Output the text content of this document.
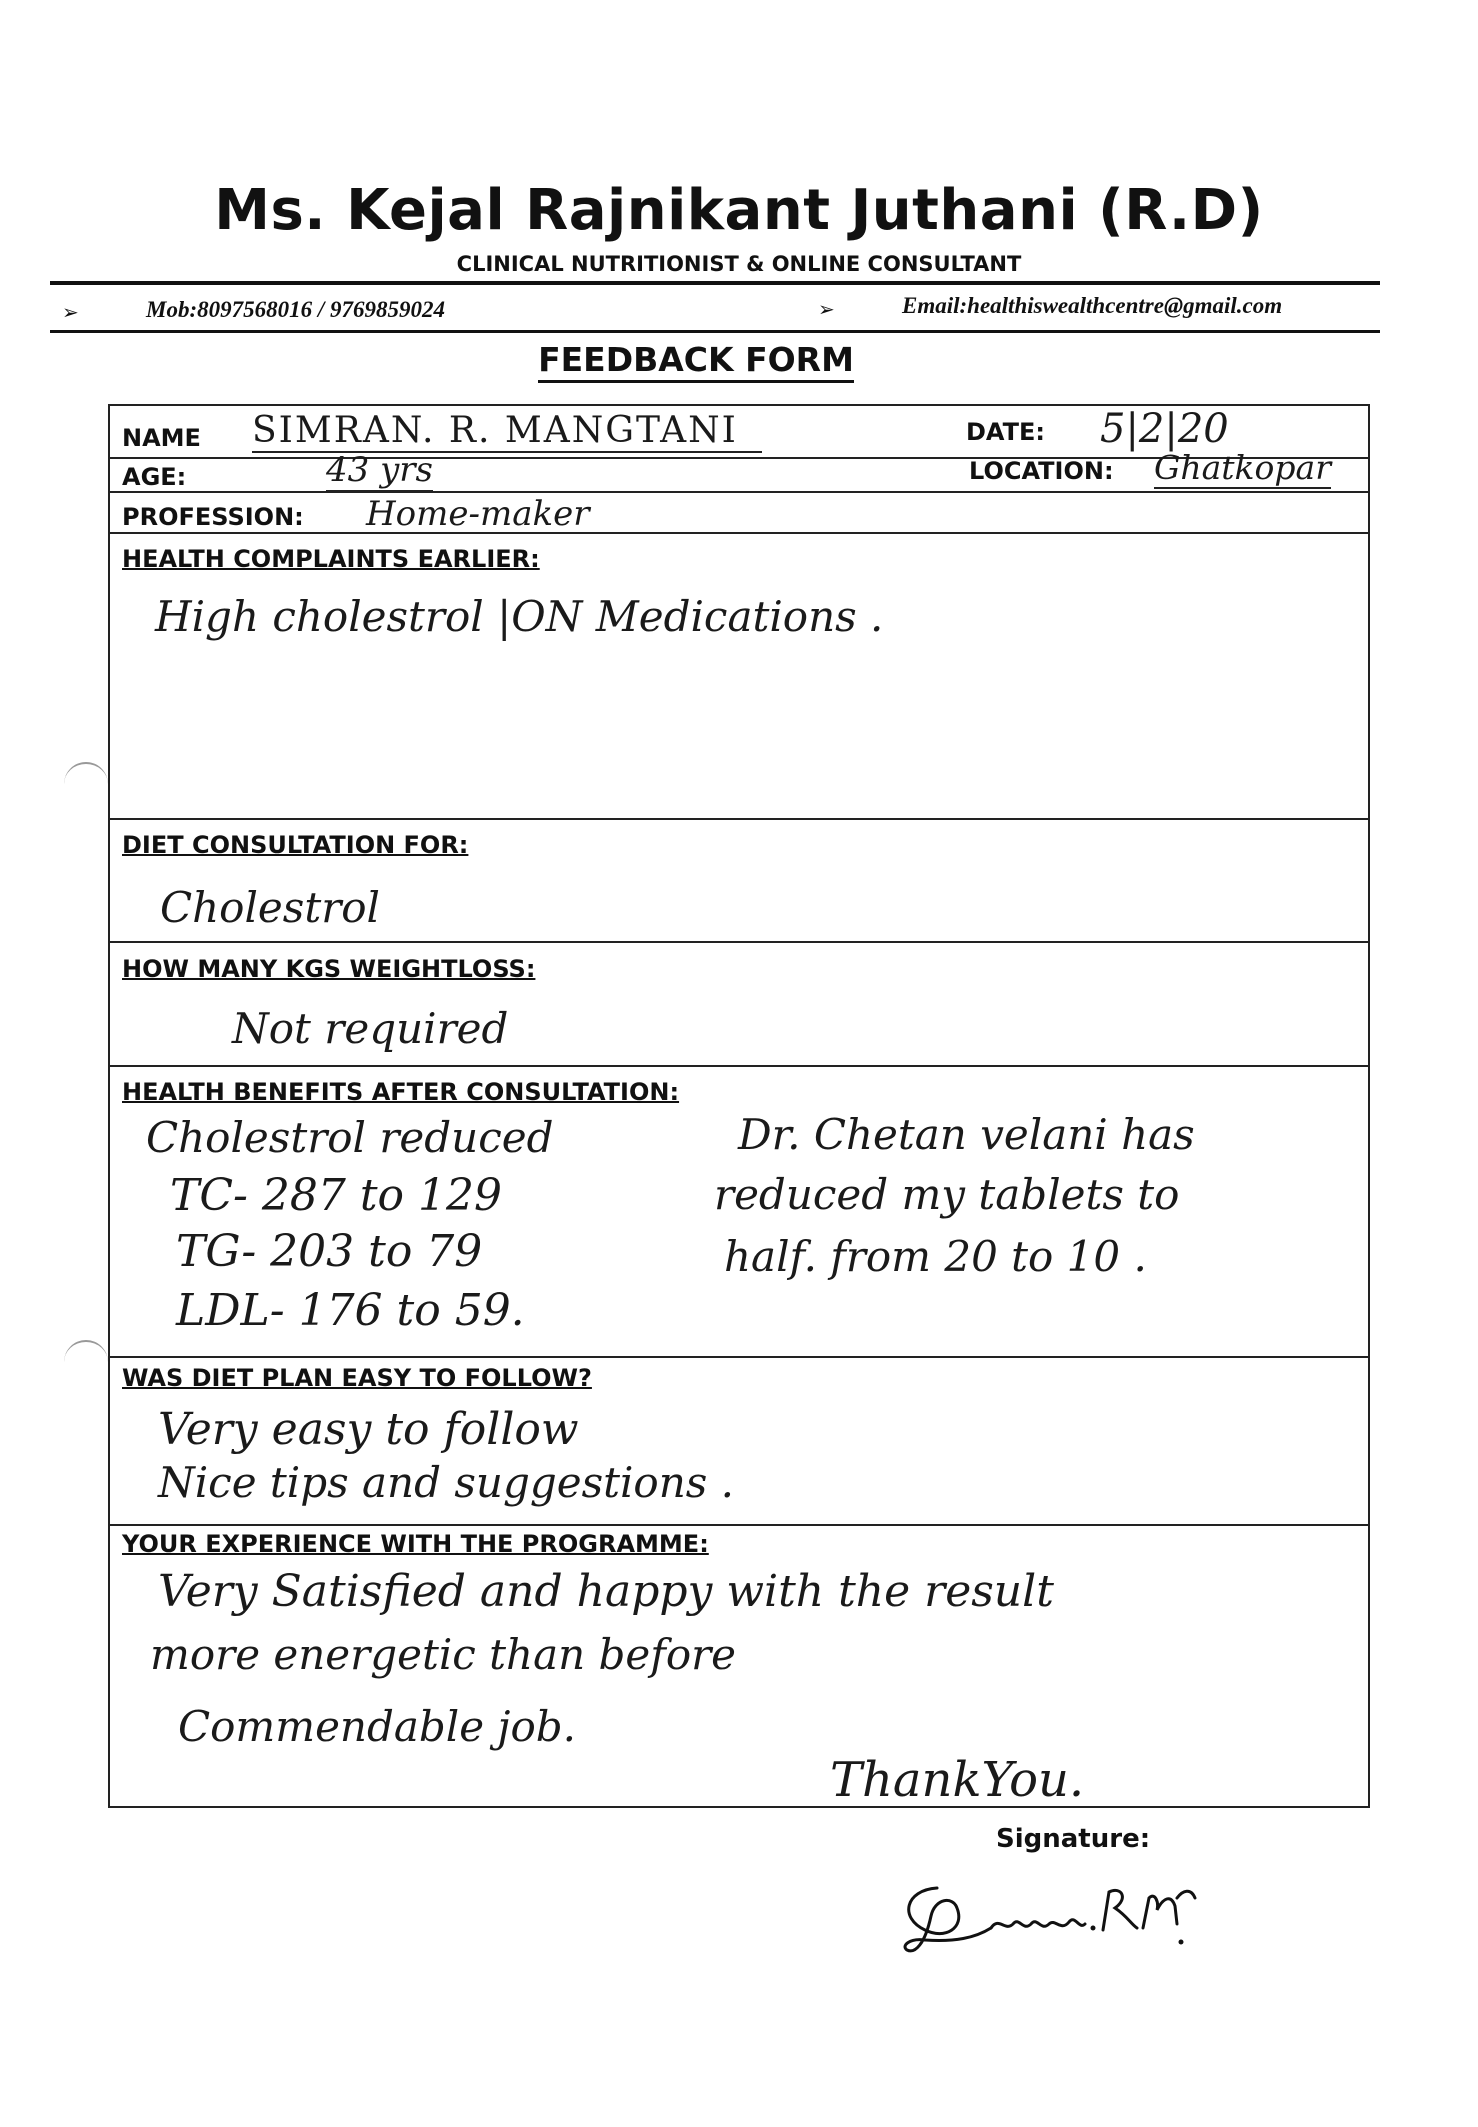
Ms. Kejal Rajnikant Juthani (R.D)
CLINICAL NUTRITIONIST & ONLINE CONSULTANT
➢	Mob:8097568016 / 9769859024	➢	Email:healthiswealthcentre@gmail.com
FEEDBACK FORM
NAME SIMRAN. R. MANGTANI	DATE: 5|2|20
AGE:	43 yrs	LOCATION: Ghatkopar
PROFESSION: Home-maker
HEALTH COMPLAINTS EARLIER:
High cholestrol |ON Medications .
DIET CONSULTATION FOR:
Cholestrol
HOW MANY KGS WEIGHTLOSS:
Not required
HEALTH BENEFITS AFTER CONSULTATION:
Cholestrol reduced
TC- 287 to 129
TG- 203 to 79
LDL- 176 to 59.
Dr. Chetan velani has
reduced my tablets to
half. from 20 to 10 .
WAS DIET PLAN EASY TO FOLLOW?
Very easy to follow
Nice tips and suggestions .
YOUR EXPERIENCE WITH THE PROGRAMME:
Very Satisfied and happy with the result
more energetic than before
Commendable job.
ThankYou.
Signature:
